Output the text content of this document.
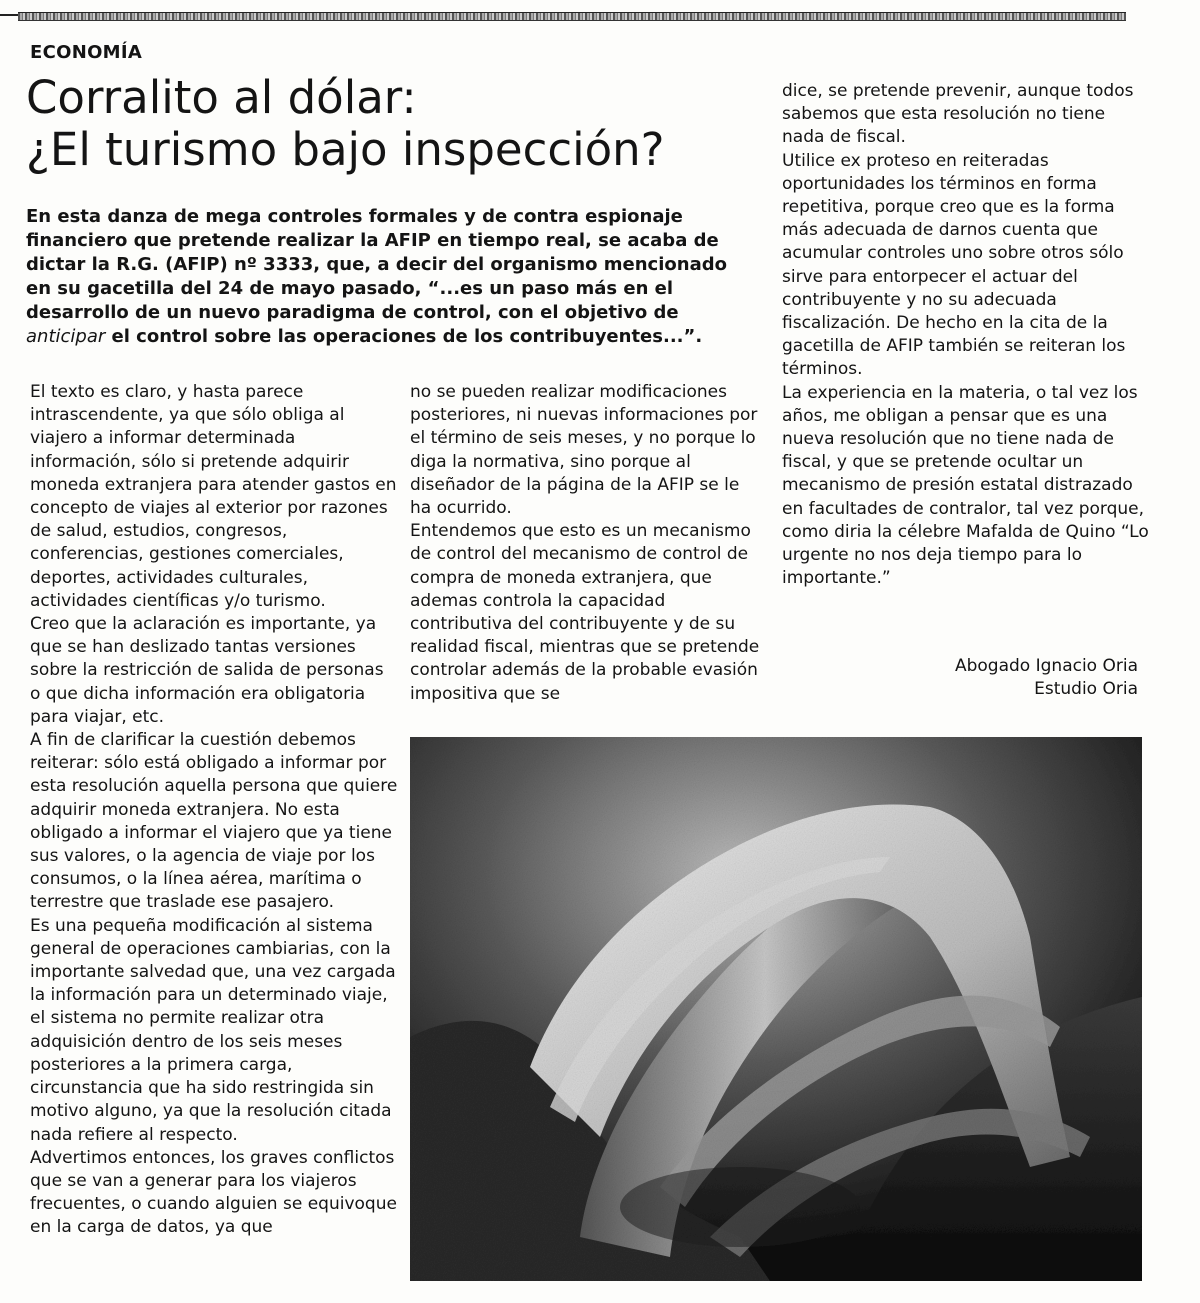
ECONOMÍA
Corralito al dólar:
¿El turismo bajo inspección?

En esta danza de mega controles formales y de contra espionaje financiero que pretende realizar la AFIP en tiempo real, se acaba de dictar la R.G. (AFIP) nº 3333, que, a decir del organismo mencionado en su gacetilla del 24 de mayo pasado, “...es un paso más en el desarrollo de un nuevo paradigma de control, con el objetivo de anticipar el control sobre las operaciones de los contribuyentes...”.

El texto es claro, y hasta parece intrascendente, ya que sólo obliga al viajero a informar determinada información, sólo si pretende adquirir moneda extranjera para atender gastos en concepto de viajes al exterior por razones de salud, estudios, congresos, conferencias, gestiones comerciales, deportes, actividades culturales, actividades científicas y/o turismo.

Creo que la aclaración es importante, ya que se han deslizado tantas versiones sobre la restricción de salida de personas o que dicha información era obligatoria para viajar, etc.

A fin de clarificar la cuestión debemos reiterar: sólo está obligado a informar por esta resolución aquella persona que quiere adquirir moneda extranjera. No esta obligado a informar el viajero que ya tiene sus valores, o la agencia de viaje por los consumos, o la línea aérea, marítima o terrestre que traslade ese pasajero.

Es una pequeña modificación al sistema general de operaciones cambiarias, con la importante salvedad que, una vez cargada la información para un determinado viaje, el sistema no permite realizar otra adquisición dentro de los seis meses posteriores a la primera carga, circunstancia que ha sido restringida sin motivo alguno, ya que la resolución citada nada refiere al respecto.

Advertimos entonces, los graves conflictos que se van a generar para los viajeros frecuentes, o cuando alguien se equivoque en la carga de datos, ya que

no se pueden realizar modificaciones posteriores, ni nuevas informaciones por el término de seis meses, y no porque lo diga la normativa, sino porque al diseñador de la página de la AFIP se le ha ocurrido.

Entendemos que esto es un mecanismo de control del mecanismo de control de compra de moneda extranjera, que ademas controla la capacidad contributiva del contribuyente y de su realidad fiscal, mientras que se pretende controlar además de la probable evasión impositiva que se

dice, se pretende prevenir, aunque todos sabemos que esta resolución no tiene nada de fiscal.

Utilice ex proteso en reiteradas oportunidades los términos en forma repetitiva, porque creo que es la forma más adecuada de darnos cuenta que acumular controles uno sobre otros sólo sirve para entorpecer el actuar del contribuyente y no su adecuada fiscalización. De hecho en la cita de la gacetilla de AFIP también se reiteran los términos.

La experiencia en la materia, o tal vez los años, me obligan a pensar que es una nueva resolución que no tiene nada de fiscal, y que se pretende ocultar un mecanismo de presión estatal distrazado en facultades de contralor, tal vez porque, como diria la célebre Mafalda de Quino “Lo urgente no nos deja tiempo para lo importante.”

Abogado Ignacio Oria
Estudio Oria
